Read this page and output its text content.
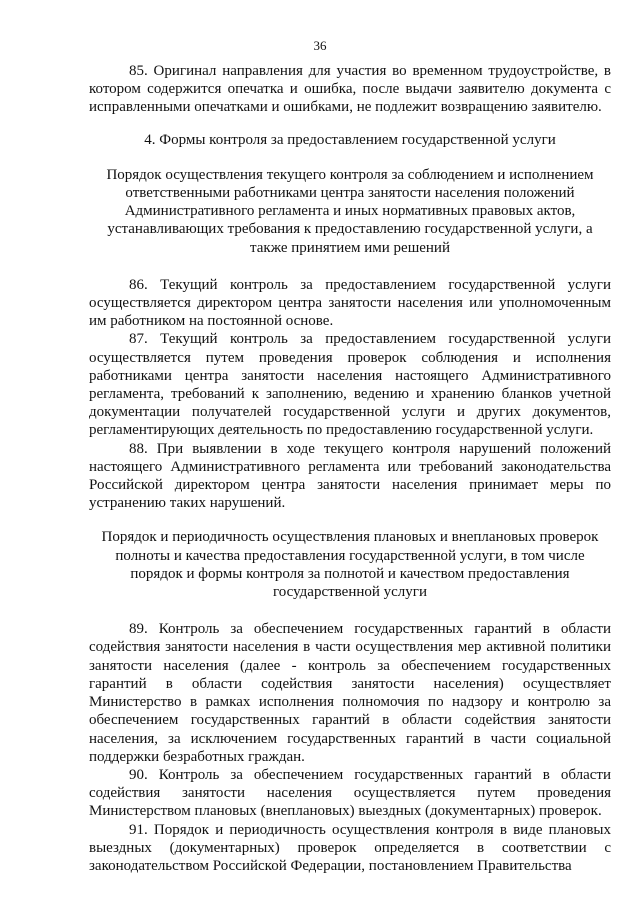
36

85. Оригинал направления для участия во временном трудоустройстве, в котором содержится опечатка и ошибка, после выдачи заявителю документа с исправленными опечатками и ошибками, не подлежит возвращению заявителю.

4. Формы контроля за предоставлением государственной услуги
Порядок осуществления текущего контроля за соблюдением и исполнением ответственными работниками центра занятости населения положений Административного регламента и иных нормативных правовых актов, устанавливающих требования к предоставлению государственной услуги, а также принятием ими решений

86. Текущий контроль за предоставлением государственной услуги осуществляется директором центра занятости населения или уполномоченным им работником на постоянной основе.

87. Текущий контроль за предоставлением государственной услуги осуществляется путем проведения проверок соблюдения и исполнения работниками центра занятости населения настоящего Административного регламента, требований к заполнению, ведению и хранению бланков учетной документации получателей государственной услуги и других документов, регламентирующих деятельность по предоставлению государственной услуги.

88. При выявлении в ходе текущего контроля нарушений положений настоящего Административного регламента или требований законодательства Российской директором центра занятости населения принимает меры по устранению таких нарушений.

Порядок и периодичность осуществления плановых и внеплановых проверок полноты и качества предоставления государственной услуги, в том числе порядок и формы контроля за полнотой и качеством предоставления государственной услуги

89. Контроль за обеспечением государственных гарантий в области содействия занятости населения в части осуществления мер активной политики занятости населения (далее - контроль за обеспечением государственных гарантий в области содействия занятости населения) осуществляет Министерство в рамках исполнения полномочия по надзору и контролю за обеспечением государственных гарантий в области содействия занятости населения, за исключением государственных гарантий в части социальной поддержки безработных граждан.

90. Контроль за обеспечением государственных гарантий в области содействия занятости населения осуществляется путем проведения Министерством плановых (внеплановых) выездных (документарных) проверок.

91. Порядок и периодичность осуществления контроля в виде плановых выездных (документарных) проверок определяется в соответствии с законодательством Российской Федерации, постановлением Правительства
